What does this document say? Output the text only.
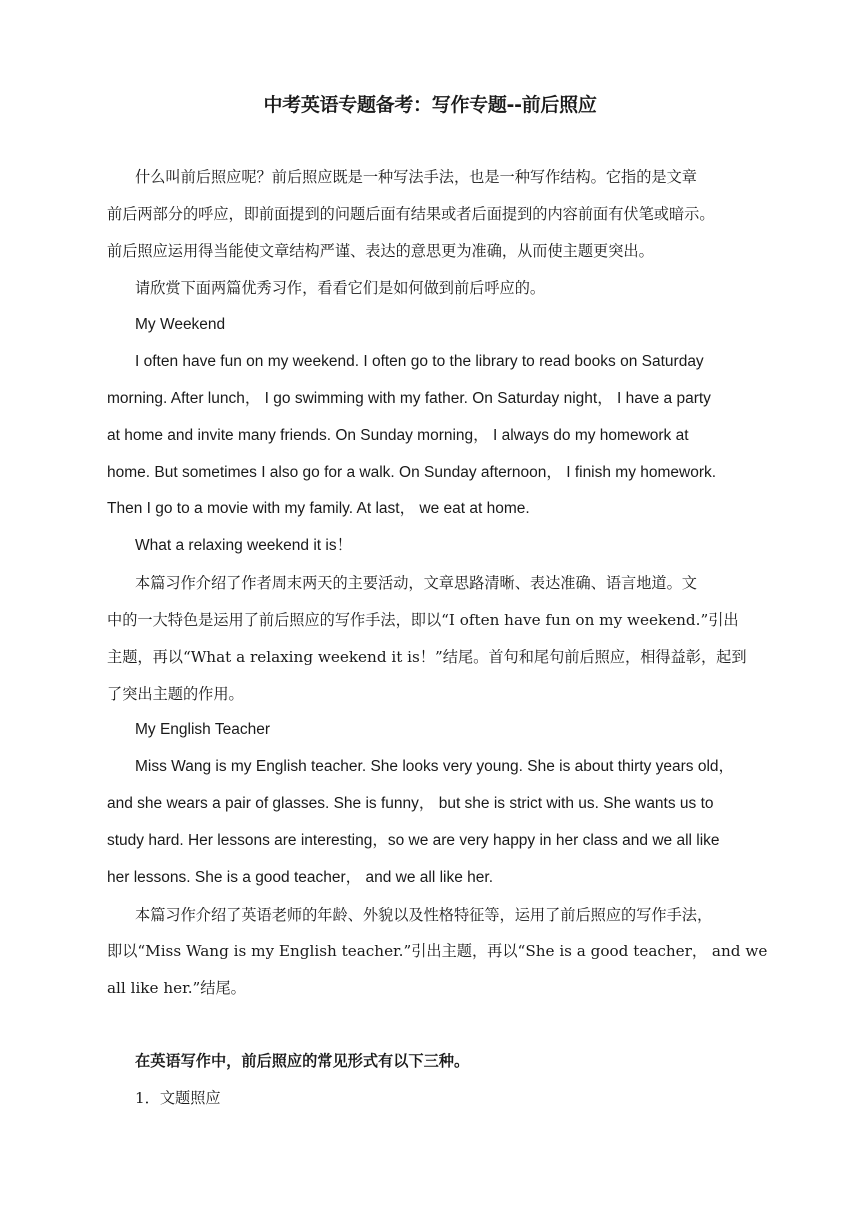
中考英语专题备考：写作专题--前后照应
什么叫前后照应呢？前后照应既是一种写法手法，也是一种写作结构。它指的是文章
前后两部分的呼应，即前面提到的问题后面有结果或者后面提到的内容前面有伏笔或暗示。
前后照应运用得当能使文章结构严谨、表达的意思更为准确，从而使主题更突出。
请欣赏下面两篇优秀习作，看看它们是如何做到前后呼应的。
My Weekend
I often have fun on my weekend. I often go to the library to read books on Saturday
morning. After lunch， I go swimming with my father. On Saturday night， I have a party
at home and invite many friends. On Sunday morning， I always do my homework at
home. But sometimes I also go for a walk. On Sunday afternoon， I finish my homework.
Then I go to a movie with my family. At last， we eat at home.
What a relaxing weekend it is！
本篇习作介绍了作者周末两天的主要活动，文章思路清晰、表达准确、语言地道。文
中的一大特色是运用了前后照应的写作手法，即以“I often have fun on my weekend.”引出
主题，再以“What a relaxing weekend it is！”结尾。首句和尾句前后照应，相得益彰，起到
了突出主题的作用。
My English Teacher
Miss Wang is my English teacher. She looks very young. She is about thirty years old，
and she wears a pair of glasses. She is funny， but she is strict with us. She wants us to
study hard. Her lessons are interesting，so we are very happy in her class and we all like
her lessons. She is a good teacher， and we all like her.
本篇习作介绍了英语老师的年龄、外貌以及性格特征等，运用了前后照应的写作手法，
即以“Miss Wang is my English teacher.”引出主题，再以“She is a good teacher， and we
all like her.”结尾。
在英语写作中，前后照应的常见形式有以下三种。
1．文题照应
